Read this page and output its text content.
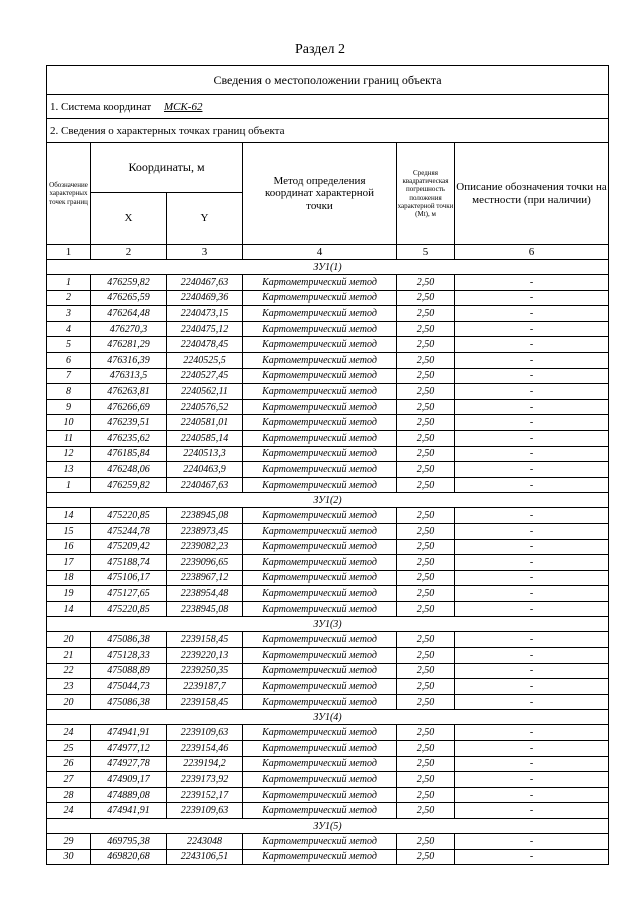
Раздел 2
Сведения о местоположении границ объекта					
1. Система координат МСК-62					
2. Сведения о характерных точках границ объекта					
Обозначение характерных точек границ	Координаты, м		Метод определения координат характерной точки	Средняя квадратическая погрешность положения характерной точки (Mt), м	Описание обозначения точки на местности (при наличии)
	X	Y			
1	2	3	4	5	6
ЗУ1(1)					
1	476259,82	2240467,63	Картометрический метод	2,50	-
2	476265,59	2240469,36	Картометрический метод	2,50	-
3	476264,48	2240473,15	Картометрический метод	2,50	-
4	476270,3	2240475,12	Картометрический метод	2,50	-
5	476281,29	2240478,45	Картометрический метод	2,50	-
6	476316,39	2240525,5	Картометрический метод	2,50	-
7	476313,5	2240527,45	Картометрический метод	2,50	-
8	476263,81	2240562,11	Картометрический метод	2,50	-
9	476266,69	2240576,52	Картометрический метод	2,50	-
10	476239,51	2240581,01	Картометрический метод	2,50	-
11	476235,62	2240585,14	Картометрический метод	2,50	-
12	476185,84	2240513,3	Картометрический метод	2,50	-
13	476248,06	2240463,9	Картометрический метод	2,50	-
1	476259,82	2240467,63	Картометрический метод	2,50	-
ЗУ1(2)					
14	475220,85	2238945,08	Картометрический метод	2,50	-
15	475244,78	2238973,45	Картометрический метод	2,50	-
16	475209,42	2239082,23	Картометрический метод	2,50	-
17	475188,74	2239096,65	Картометрический метод	2,50	-
18	475106,17	2238967,12	Картометрический метод	2,50	-
19	475127,65	2238954,48	Картометрический метод	2,50	-
14	475220,85	2238945,08	Картометрический метод	2,50	-
ЗУ1(3)					
20	475086,38	2239158,45	Картометрический метод	2,50	-
21	475128,33	2239220,13	Картометрический метод	2,50	-
22	475088,89	2239250,35	Картометрический метод	2,50	-
23	475044,73	2239187,7	Картометрический метод	2,50	-
20	475086,38	2239158,45	Картометрический метод	2,50	-
ЗУ1(4)					
24	474941,91	2239109,63	Картометрический метод	2,50	-
25	474977,12	2239154,46	Картометрический метод	2,50	-
26	474927,78	2239194,2	Картометрический метод	2,50	-
27	474909,17	2239173,92	Картометрический метод	2,50	-
28	474889,08	2239152,17	Картометрический метод	2,50	-
24	474941,91	2239109,63	Картометрический метод	2,50	-
ЗУ1(5)					
29	469795,38	2243048	Картометрический метод	2,50	-
30	469820,68	2243106,51	Картометрический метод	2,50	-
